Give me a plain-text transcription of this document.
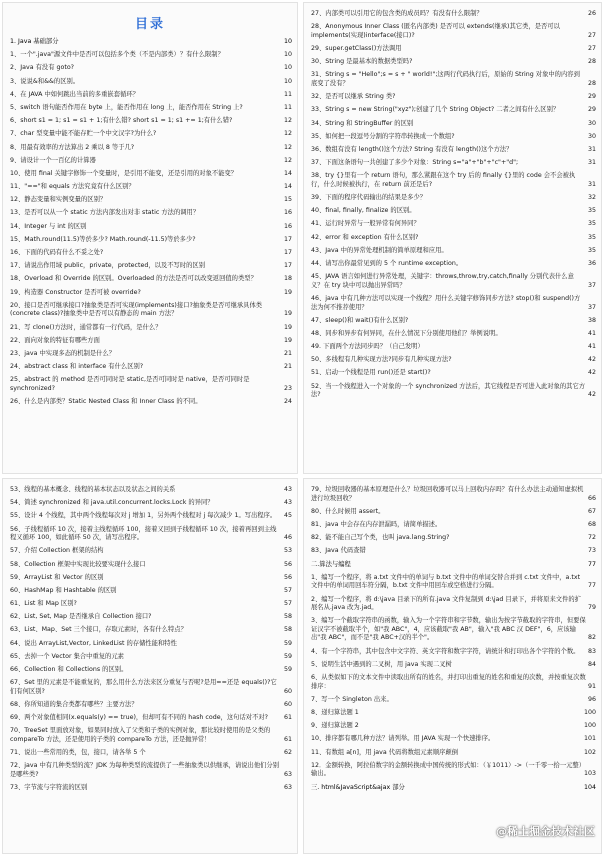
目录
1. Java 基础部分	10
1、一个".java"源文件中是否可以包括多个类（不是内部类）？有什么限制？	10
2、Java 有没有 goto?	10
3、说说&和&&的区别。	10
4、在 JAVA 中如何跳出当前的多重嵌套循环？	11
5、switch 语句能否作用在 byte 上，能否作用在 long 上，能否作用在 String 上?	11
6、short s1 = 1; s1 = s1 + 1;有什么错? short s1 = 1; s1 += 1;有什么错?	12
7、char 型变量中能不能存贮一个中文汉字?为什么?	12
8、用最有效率的方法算出 2 乘以 8 等于几?	12
9、请设计一个一百亿的计算器	12
10、使用 final 关键字修饰一个变量时，是引用不能变，还是引用的对象不能变？	14
11、"=="和 equals 方法究竟有什么区别？	14
12、静态变量和实例变量的区别？	15
13、是否可以从一个 static 方法内部发出对非 static 方法的调用？	16
14、Integer 与 int 的区别	16
15、Math.round(11.5)等於多少? Math.round(-11.5)等於多少?	17
16、下面的代码有什么不妥之处?	17
17、请说出作用域 public，private，protected，以及不写时的区别	17
18、Overload 和 Override 的区别。Overloaded 的方法是否可以改变返回值的类型？	18
19、构造器 Constructor 是否可被 override?	19
20、接口是否可继承接口?抽象类是否可实现(implements)接口?抽象类是否可继承具体类(concrete class)?抽象类中是否可以有静态的 main 方法？	19
21、写 clone()方法时，通常都有一行代码，是什么？	19
22、面向对象的特征有哪些方面	19
23、java 中实现多态的机制是什么？	21
24、abstract class 和 interface 有什么区别?	21
25、abstract 的 method 是否可同时是 static,是否可同时是 native，是否可同时是 synchronized?	23
26、什么是内部类？Static Nested Class 和 Inner Class 的不同。	24
27、内部类可以引用它的包含类的成员吗？有没有什么限制？	26
28、Anonymous Inner Class (匿名内部类) 是否可以 extends(继承)其它类，是否可以 implements(实现)interface(接口)?	27
29、super.getClass()方法调用	27
30、String 是最基本的数据类型吗?	28
31、String s = "Hello";s = s + " world!";这两行代码执行后，原始的 String 对象中的内容到底变了没有？	28
32、是否可以继承 String 类?	29
33、String s = new String("xyz");创建了几个 String Object? 二者之间有什么区别？	29
34、String 和 StringBuffer 的区别	30
35、如何把一段逗号分割的字符串转换成一个数组?	30
36、数组有没有 length()这个方法? String 有没有 length()这个方法？	31
37、下面这条语句一共创建了多少个对象：String s="a"+"b"+"c"+"d";	31
38、try {}里有一个 return 语句，那么紧跟在这个 try 后的 finally {}里的 code 会不会被执行，什么时候被执行，在 return 前还是后?	31
39、下面的程序代码输出的结果是多少？	32
40、final, finally, finalize 的区别。	35
41、运行时异常与一般异常有何异同？	35
42、error 和 exception 有什么区别?	35
43、Java 中的异常处理机制的简单原理和应用。	35
44、请写出你最常见到的 5 个 runtime exception。	36
45、JAVA 语言如何进行异常处理，关键字：throws,throw,try,catch,finally 分别代表什么意义？在 try 块中可以抛出异常吗？	37
46、java 中有几种方法可以实现一个线程？用什么关键字修饰同步方法? stop()和 suspend()方法为何不推荐使用？	37
47、sleep()和 wait()有什么区别?	38
48、同步和异步有何异同，在什么情况下分别使用他们？举例说明。	41
49. 下面两个方法同步吗？（自己发明）	41
50、多线程有几种实现方法?同步有几种实现方法?	42
51、启动一个线程是用 run()还是 start()?	42
52、当一个线程进入一个对象的一个 synchronized 方法后，其它线程是否可进入此对象的其它方法?	42
53、线程的基本概念、线程的基本状态以及状态之间的关系	43
54、简述 synchronized 和 java.util.concurrent.locks.Lock 的异同？	43
55、设计 4 个线程，其中两个线程每次对 j 增加 1，另外两个线程对 j 每次减少 1。写出程序。	45
56、子线程循环 10 次，接着主线程循环 100，接着又回到子线程循环 10 次，接着再回到主线程又循环 100，如此循环 50 次，请写出程序。	46
57、介绍 Collection 框架的结构	53
58、Collection 框架中实现比较要实现什么接口	56
59、ArrayList 和 Vector 的区别	56
60、HashMap 和 Hashtable 的区别	57
61、List 和 Map 区别?	57
62、List, Set, Map 是否继承自 Collection 接口?	58
63、List、Map、Set 三个接口，存取元素时，各有什么特点？	58
64、说出 ArrayList,Vector, LinkedList 的存储性能和特性	59
65、去掉一个 Vector 集合中重复的元素	59
66、Collection 和 Collections 的区别。	59
67、Set 里的元素是不能重复的，那么用什么方法来区分重复与否呢?是用==还是 equals()?它们有何区别?	60
68、你所知道的集合类都有哪些？主要方法？	60
69、两个对象值相同(x.equals(y) == true)，但却可有不同的 hash code，这句话对不对?	61
70、TreeSet 里面放对象，如果同时放入了父类和子类的实例对象，那比较时使用的是父类的 compareTo 方法，还是使用的子类的 compareTo 方法，还是抛异常！	61
71、说出一些常用的类，包，接口，请各举 5 个	62
72、java 中有几种类型的流？JDK 为每种类型的流提供了一些抽象类以供继承，请说出他们分别是哪些类?	63
73、字节流与字符流的区别	63
79、垃圾回收器的基本原理是什么？垃圾回收器可以马上回收内存吗？有什么办法主动通知虚拟机进行垃圾回收？	66
80、什么时候用 assert。	67
81、java 中会存在内存泄漏吗，请简单描述。	68
82、能不能自己写个类，也叫 java.lang.String?	72
83、Java 代码查错	73
二.算法与编程	77
1、编写一个程序，将 a.txt 文件中的单词与 b.txt 文件中的单词交替合并到 c.txt 文件中，a.txt 文件中的单词用回车符分隔，b.txt 文件中用回车或空格进行分隔。	77
2、编写一个程序，将 d:\java 目录下的所有.java 文件复制到 d:\jad 目录下，并将原来文件的扩展名从.java 改为.jad。	79
3、编写一个截取字符串的函数，输入为一个字符串和字节数，输出为按字节截取的字符串，但要保证汉字不被截取半个，如"我 ABC"，4，应该截取"我 AB"，输入"我 ABC 汉 DEF"，6，应该输出"我 ABC"，而不是"我 ABC+汉的半个"。	82
4、有一个字符串，其中包含中文字符、英文字符和数字字符，请统计和打印出各个字符的个数。	83
5、说明生活中遇到的二叉树，用 java 实现二叉树	84
6、从类似如下的文本文件中读取出所有的姓名，并打印出重复的姓名和重复的次数，并按重复次数排序：	91
7、写一个 Singleton 出来。	96
8、递归算法题 1	100
9、递归算法题 2	100
10、排序都有哪几种方法？请列举。用 JAVA 实现一个快速排序。	101
11、有数组 a[n]，用 java 代码将数组元素顺序颠倒	102
12．金额转换，阿拉伯数字的金额转换成中国传统的形式如：（￥1011）->（一千零一拾一元整）输出。	103
三. html&JavaScript&ajax 部分	104
@稀土掘金技术社区
